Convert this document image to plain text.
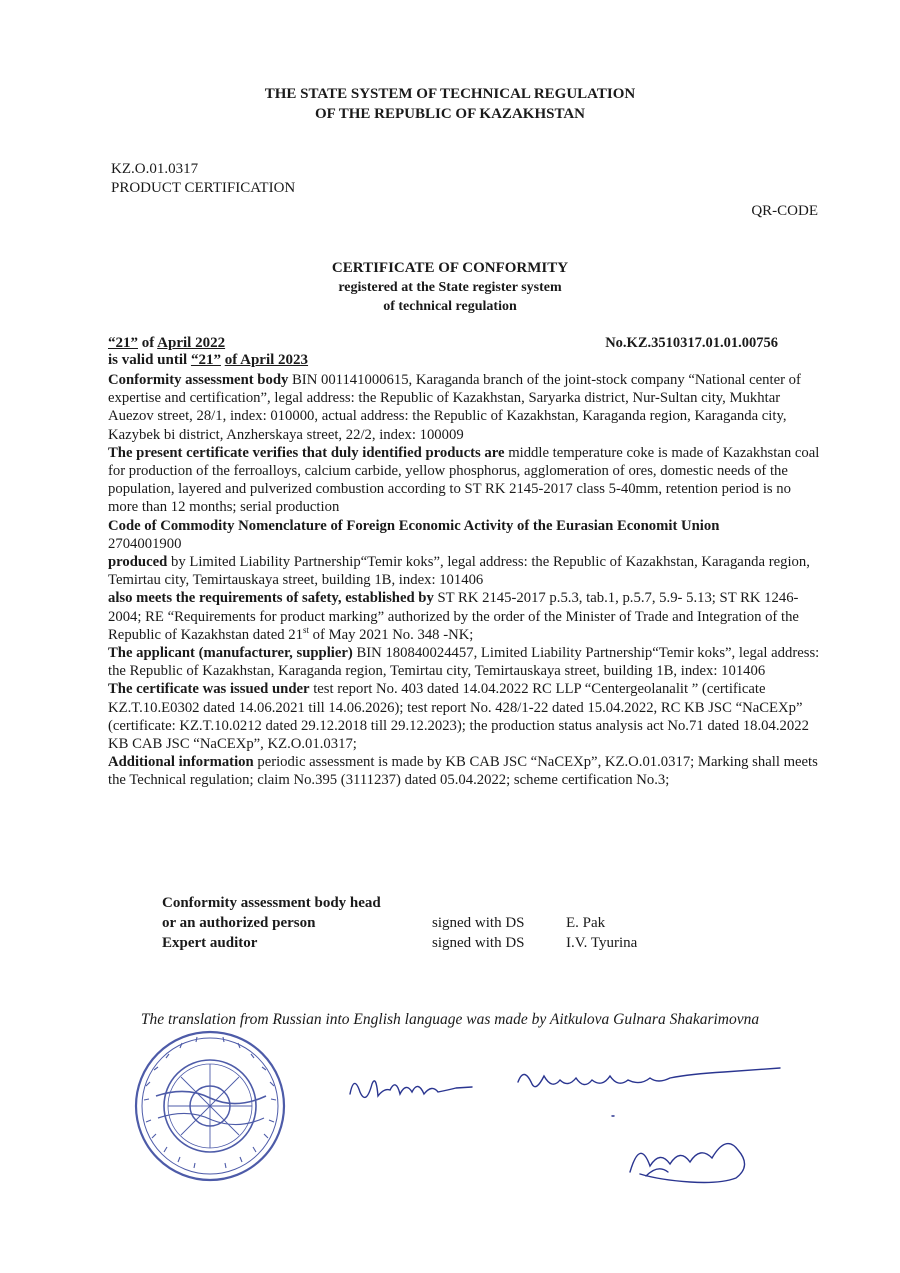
THE STATE SYSTEM OF TECHNICAL REGULATION
OF THE REPUBLIC OF KAZAKHSTAN
KZ.O.01.0317
PRODUCT CERTIFICATION
QR-CODE
CERTIFICATE OF CONFORMITY
registered at the State register system
of technical regulation
“21” of April 2022
is valid until “21” of April 2023
No.KZ.3510317.01.01.00756

Conformity assessment body BIN 001141000615, Karaganda branch of the joint-stock company “National center of expertise and certification”, legal address: the Republic of Kazakhstan, Saryarka district, Nur-Sultan city, Mukhtar Auezov street, 28/1, index: 010000, actual address: the Republic of Kazakhstan, Karaganda region, Karaganda city, Kazybek bi district, Anzherskaya street, 22/2, index: 100009

The present certificate verifies that duly identified products are middle temperature coke is made of Kazakhstan coal for production of the ferroalloys, calcium carbide, yellow phosphorus, agglomeration of ores, domestic needs of the population, layered and pulverized combustion according to ST RK 2145-2017 class 5-40mm, retention period is no more than 12 months; serial production

Code of Commodity Nomenclature of Foreign Economic Activity of the Eurasian Economit Union

2704001900

produced by Limited Liability Partnership“Temir koks”, legal address: the Republic of Kazakhstan, Karaganda region, Temirtau city, Temirtauskaya street, building 1B, index: 101406

also meets the requirements of safety, established by ST RK 2145-2017 p.5.3, tab.1, p.5.7, 5.9- 5.13; ST RK 1246-2004; RE “Requirements for product marking” authorized by the order of the Minister of Trade and Integration of the Republic of Kazakhstan dated 21st of May 2021 No. 348 -NK;

The applicant (manufacturer, supplier) BIN 180840024457, Limited Liability Partnership“Temir koks”, legal address: the Republic of Kazakhstan, Karaganda region, Temirtau city, Temirtauskaya street, building 1B, index: 101406

The certificate was issued under test report No. 403 dated 14.04.2022 RC LLP “Centergeolanalit ” (certificate KZ.T.10.E0302 dated 14.06.2021 till 14.06.2026); test report No. 428/1-22 dated 15.04.2022, RC KB JSC “NaCEXp” (certificate: KZ.T.10.0212 dated 29.12.2018 till 29.12.2023); the production status analysis act No.71 dated 18.04.2022 KB CAB JSC “NaCEXp”, KZ.O.01.0317;

Additional information periodic assessment is made by KB CAB JSC “NaCEXp”, KZ.O.01.0317; Marking shall meets the Technical regulation; claim No.395 (3111237) dated 05.04.2022; scheme certification No.3;

Conformity assessment body head
or an authorized person	signed with DS	E. Pak
Expert auditor	signed with DS	I.V. Tyurina
The translation from Russian into English language was made by Aitkulova Gulnara Shakarimovna
